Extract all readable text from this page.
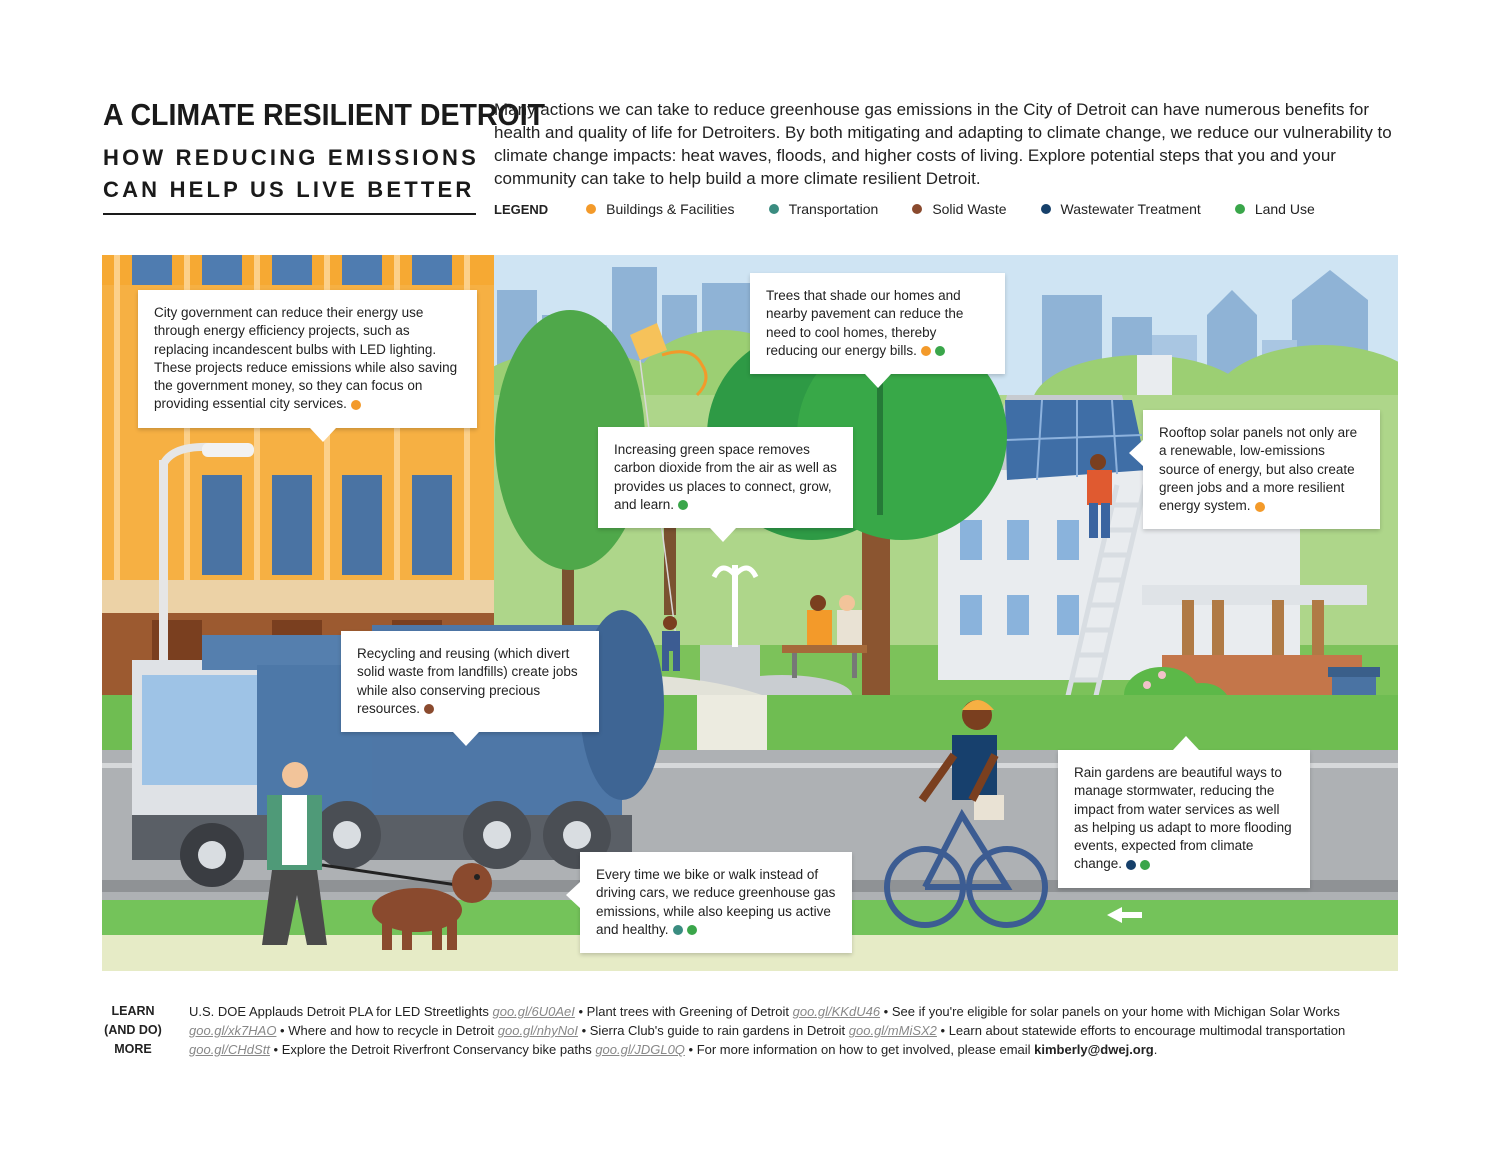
A CLIMATE RESILIENT DETROIT
HOW REDUCING EMISSIONS
CAN HELP US LIVE BETTER
Many actions we can take to reduce greenhouse gas emissions in the City of Detroit can have numerous benefits for health and quality of life for Detroiters. By both mitigating and adapting to climate change, we reduce our vulnerability to climate change impacts: heat waves, floods, and higher costs of living. Explore potential steps that you and your community can take to help build a more climate resilient Detroit.
LEGEND	Buildings & Facilities	Transportation	Solid Waste	Wastewater Treatment	Land Use
City government can reduce their energy use through energy efficiency projects, such as replacing incandescent bulbs with LED lighting. These projects reduce emissions while also saving the government money, so they can focus on providing essential city services.
Trees that shade our homes and nearby pavement can reduce the need to cool homes, thereby reducing our energy bills.
Increasing green space removes carbon dioxide from the air as well as provides us places to connect, grow, and learn.
Rooftop solar panels not only are a renewable, low-emissions source of energy, but also create green jobs and a more resilient energy system.
Recycling and reusing (which divert solid waste from landfills) create jobs while also conserving precious resources.
Rain gardens are beautiful ways to manage stormwater, reducing the impact from water services as well as helping us adapt to more flooding events, expected from climate change.
Every time we bike or walk instead of driving cars, we reduce greenhouse gas emissions, while also keeping us active and healthy.
LEARN
(AND DO)
MORE
U.S. DOE Applauds Detroit PLA for LED Streetlights goo.gl/6U0AeI • Plant trees with Greening of Detroit goo.gl/KKdU46 • See if you're eligible for solar panels on your home with Michigan Solar Works goo.gl/xk7HAO • Where and how to recycle in Detroit goo.gl/nhyNoI • Sierra Club's guide to rain gardens in Detroit goo.gl/mMiSX2 • Learn about statewide efforts to encourage multimodal transportation goo.gl/CHdStt • Explore the Detroit Riverfront Conservancy bike paths goo.gl/JDGL0Q • For more information on how to get involved, please email kimberly@dwej.org.
